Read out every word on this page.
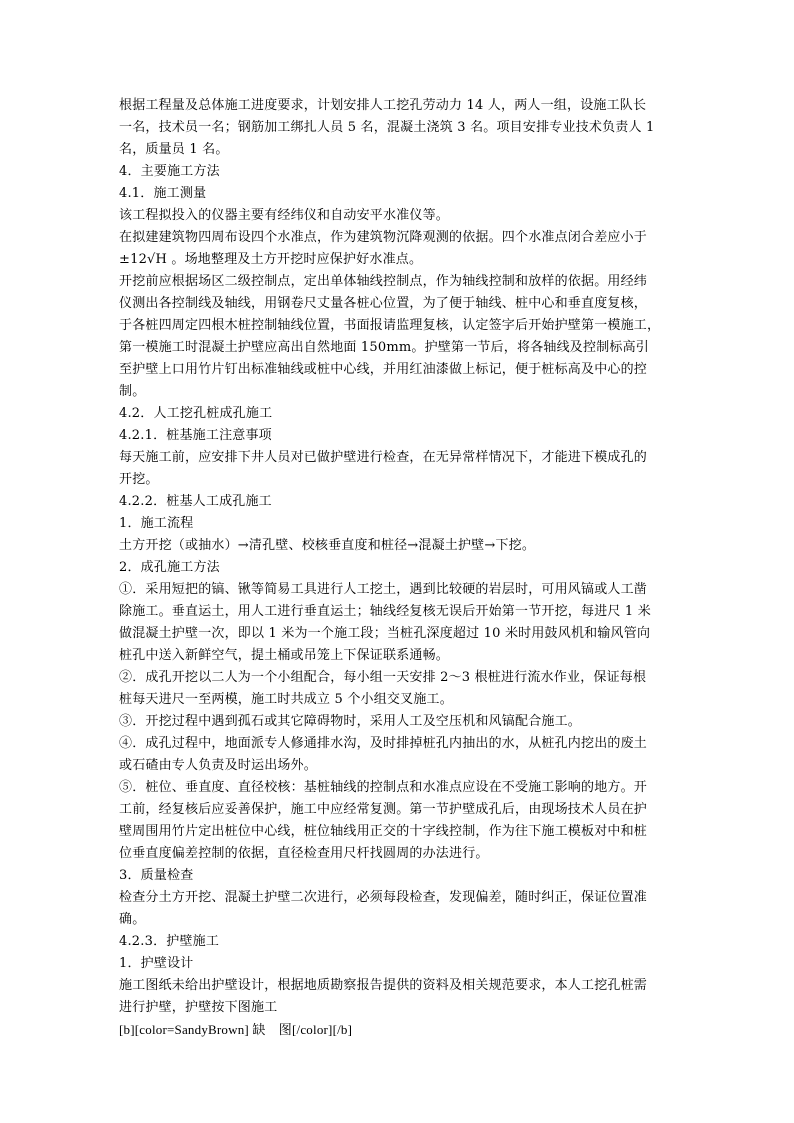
根据工程量及总体施工进度要求，计划安排人工挖孔劳动力 14 人，两人一组，设施工队长
一名，技术员一名；钢筋加工绑扎人员 5 名，混凝土浇筑 3 名。项目安排专业技术负责人 1
名，质量员 1 名。
4．主要施工方法
4.1．施工测量
该工程拟投入的仪器主要有经纬仪和自动安平水准仪等。
在拟建建筑物四周布设四个水准点，作为建筑物沉降观测的依据。四个水准点闭合差应小于
±12√H 。场地整理及土方开挖时应保护好水准点。
开挖前应根据场区二级控制点，定出单体轴线控制点，作为轴线控制和放样的依据。用经纬
仪测出各控制线及轴线，用钢卷尺丈量各桩心位置，为了便于轴线、桩中心和垂直度复核，
于各桩四周定四根木桩控制轴线位置，书面报请监理复核，认定签字后开始护壁第一模施工，
第一模施工时混凝土护壁应高出自然地面 150mm。护壁第一节后，将各轴线及控制标高引
至护壁上口用竹片钉出标准轴线或桩中心线，并用红油漆做上标记，便于桩标高及中心的控
制。
4.2．人工挖孔桩成孔施工
4.2.1．桩基施工注意事项
每天施工前，应安排下井人员对已做护壁进行检查，在无异常样情况下，才能进下模成孔的
开挖。
4.2.2．桩基人工成孔施工
1．施工流程
土方开挖（或抽水）→清孔壁、校核垂直度和桩径→混凝土护壁→下挖。
2．成孔施工方法
①．采用短把的镐、锹等简易工具进行人工挖土，遇到比较硬的岩层时，可用风镐或人工凿
除施工。垂直运土，用人工进行垂直运土；轴线经复核无误后开始第一节开挖，每进尺 1 米
做混凝土护壁一次，即以 1 米为一个施工段；当桩孔深度超过 10 米时用鼓风机和输风管向
桩孔中送入新鲜空气，提土桶或吊笼上下保证联系通畅。
②．成孔开挖以二人为一个小组配合，每小组一天安排 2～3 根桩进行流水作业，保证每根
桩每天进尺一至两模，施工时共成立 5 个小组交叉施工。
③．开挖过程中遇到孤石或其它障碍物时，采用人工及空压机和风镐配合施工。
④．成孔过程中，地面派专人修通排水沟，及时排掉桩孔内抽出的水，从桩孔内挖出的废土
或石碴由专人负责及时运出场外。
⑤．桩位、垂直度、直径校核：基桩轴线的控制点和水准点应设在不受施工影响的地方。开
工前，经复核后应妥善保护，施工中应经常复测。第一节护壁成孔后，由现场技术人员在护
壁周围用竹片定出桩位中心线，桩位轴线用正交的十字线控制，作为往下施工模板对中和桩
位垂直度偏差控制的依据，直径检查用尺杆找圆周的办法进行。
3．质量检查
检查分土方开挖、混凝土护壁二次进行，必须每段检查，发现偏差，随时纠正，保证位置准
确。
4.2.3．护壁施工
1．护壁设计
施工图纸未给出护壁设计，根据地质勘察报告提供的资料及相关规范要求，本人工挖孔桩需
进行护壁，护壁按下图施工
[b][color=SandyBrown] 缺　图[/color][/b]
